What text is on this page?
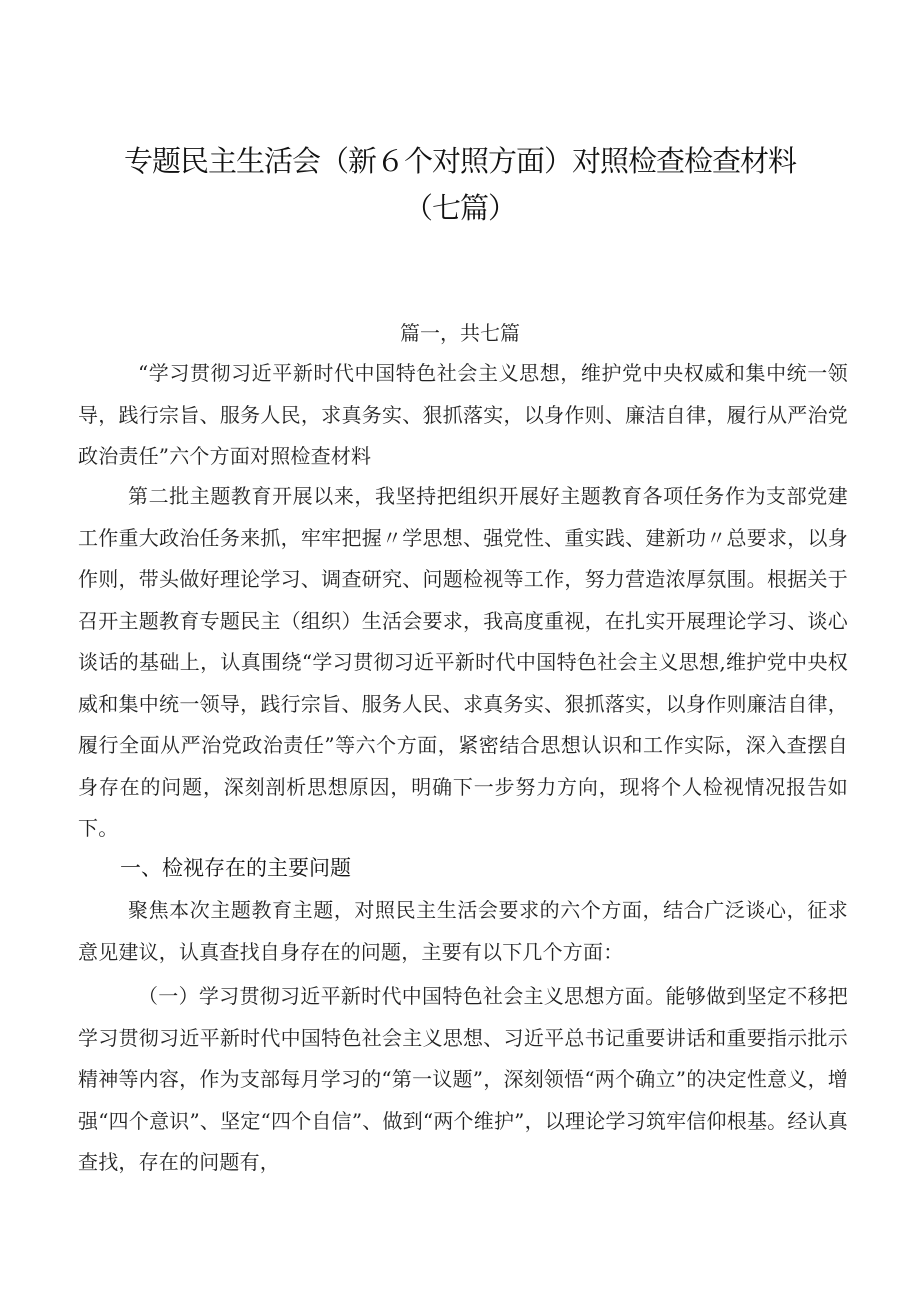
专题民主生活会（新６个对照方面）对照检查检查材料
（七篇）
篇一，共七篇
“学习贯彻习近平新时代中国特色社会主义思想，维护党中央权威和集中统一领导，践行宗旨、服务人民，求真务实、狠抓落实，以身作则、廉洁自律，履行从严治党政治责任”六个方面对照检查材料
第二批主题教育开展以来，我坚持把组织开展好主题教育各项任务作为支部党建工作重大政治任务来抓，牢牢把握〃学思想、强党性、重实践、建新功〃总要求，以身作则，带头做好理论学习、调查研究、问题检视等工作，努力营造浓厚氛围。根据关于召开主题教育专题民主（组织）生活会要求，我高度重视，在扎实开展理论学习、谈心谈话的基础上，认真围绕“学习贯彻习近平新时代中国特色社会主义思想,维护党中央权威和集中统一领导，践行宗旨、服务人民、求真务实、狠抓落实，以身作则廉洁自律，履行全面从严治党政治责任”等六个方面，紧密结合思想认识和工作实际，深入查摆自身存在的问题，深刻剖析思想原因，明确下一步努力方向，现将个人检视情况报告如下。
一、检视存在的主要问题
聚焦本次主题教育主题，对照民主生活会要求的六个方面，结合广泛谈心，征求意见建议，认真查找自身存在的问题，主要有以下几个方面：
（一）学习贯彻习近平新时代中国特色社会主义思想方面。能够做到坚定不移把学习贯彻习近平新时代中国特色社会主义思想、习近平总书记重要讲话和重要指示批示精神等内容，作为支部每月学习的“第一议题”，深刻领悟“两个确立”的决定性意义，增强“四个意识”、坚定“四个自信”、做到“两个维护”，以理论学习筑牢信仰根基。经认真查找，存在的问题有，
